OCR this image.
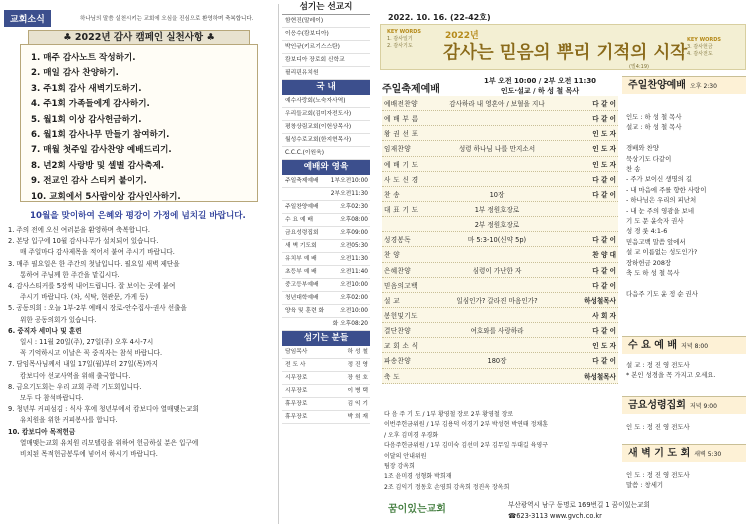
교회소식	하나님의 말씀 실천시키는 교회에 오심을 진심으로 환영하며 축복합니다.
♣ 2022년 감사 캠페인 실천사항 ♣
1. 매주 감사노트 작성하기.
2. 매일 감사 찬양하기.
3. 주1회 감사 새벽기도하기.
4. 주1회 가족들에게 감사하기.
5. 월1회 이상 감사헌금하기.
6. 월1회 감사나무 만들기 참여하기.
7. 매월 첫주일 감사찬양 예배드리기.
8. 년2회 사랑방 및 셀별 감사축제.
9. 전교인 감사 스티커 붙이기.
10. 교회에서 5사람이상 감사인사하기.
10월을 맞이하여 은혜와 평강이 가정에 넘치길 바랍니다.
1. 주의 전에 오신 여러분을 환영하며 축복합니다.
2. 본당 입구에 10월 감사나무가 설치되어 있습니다.
매 주일마다 감사제목을 적어서 붙여 주시기 바랍니다.
3. 매주 필요일은 한 주간의 첫날입니다. 필요일 새벽 제단을
통하여 주님께 한 주간을 맡깁시다.
4. 감사스티커를 5장씩 내어드립니다. 잘 보이는 곳에 붙여
주시기 바랍니다. (차, 식탁, 현관문, 가게 등)
5. 공동의회 : 오늘 1부-2부 예배시 장로-안수집사-권사 선출을
위한 공동의회가 있습니다.
6. 중직자 세미나 및 훈련
일시 : 11월 20일(주), 27일(주) 오후 4시-7시
꼭 기억하시고 이날은 꼭 중직자는 참석 바랍니다.
7. 담임목사님께서 내일 17일(월)부터 27일(목)까지
캄보디아 선교사역을 위해 출국합니다.
8. 금요기도회는 우리 교회 주력 기도회입니다.
모두 다 참석바랍니다.
9. 청년부 커피섬김 : 식사 후에 청년부에서 캄보디아 열매맺는교회
유치원을 위한 커피봉사를 합니다.
10. 캄보디아 목적헌금
열매맺는교회 유치원 리모델링을 위하여 헌금하실 분은 입구에
비치된 목적헌금봉투에 넣어서 하시기 바랍니다.
섬기는 선교지
함현진(말레이)
이응수(캄보디아)
박인규(키르기스스탄)
캄보디아 장로회 신학교
필리핀유치원
국 내
예수사랑회(노숙자사역)
우리들교회(김미자전도사)
평창상림교회(이헌상목사)
월성수로교회(한지현목사)
C.C.C.(이원욱)
예배와 영육
주일축제예배 1부오전10:00
2부오전11:30
주일찬양예배	오후02:30
수 요 예 배	오후08:00
금요성령집회	오후09:00
새 벽 기도회	오전05:30
유치부 예 배	오전11:30
초등부 예 배	오전11:40
중고등부예배	오전10:00
청년대학예배	오후02:00
양육 및 훈련 화	오전10:00
화 오후08:20
섬기는 분들
담임목사	하 성 철
전 도 사	정 진 영
시무장로	장 원 호
시무장로	이 병 택
휴무장로	김 익 기
휴무장로	박 희 재
2022. 10. 16. (22-42호)
KEY WORDS
1. 감사일기
2. 감사기도
2022년
감사는 믿음의 뿌리 기적의 시작
(빌4:19)
KEY WORDS
3. 감사헌금
4. 감사전도
주일축제예배
1부 오전 10:00 / 2부 오전 11:30
인도·설교 / 하 성 철 목사
예배전찬양	감사하라 내 영혼아 / 보혈을 지나	다 같 이
예 배 부 름	다 같 이
왕 권 선 포	인 도 자
임재찬양	성령 하나님 나를 만지소서	인 도 자
예 배 기 도	인 도 자
사 도 신 경	다 같 이
찬 송	10장	다 같 이
대 표 기 도	1부 정원호장로
2부 정원호장로
성경봉독	마 5:3-10(신약 5p)	다 같 이
찬 양	찬 양 대
은혜찬양	심령이 가난한 자	다 같 이
믿음의고백	다 같 이
설 교	일심인가? 갈라진 마음인가?	하성철목사
봉헌및기도	사 회 자
결단찬양	여호와를 사랑하라	다 같 이
교 회 소 식	인 도 자
파송찬양	180장	다 같 이
축 도	하성철목사
다 음 주 기 도 / 1부 황영철 장로 2부 황영철 장로
이번주헌금위원 / 1부 김용덕 이경기 2부 박성현 박연태 정채훈
/ 오후 김미경 우경화
다음주헌금위원 / 1부 김미숙 김선미 2부 김무일 두대길 육영구
이달의 안내위원
팀장 강옥희
1조 윤미경 성형화 박희재
2조 김익기 정동호 손영희 강옥희 정진옥 장옥희
꿈이있는교회	부산광역시 남구 동명로 169번길 1 꿈이있는교회
☎623-3113 www.gvch.co.kr
주일찬양예배 오후 2:30
인도 : 하 성 철 목사
설교 : 하 성 철 목사
경배와 찬양
묵상기도 다같이
찬 송
- 주가 보이신 생명의 길
- 내 마음에 주를 향한 사랑이
- 하나님은 우리의 피난처
- 내 눈 주의 영광을 보네
기 도 문 윤숙자 권사
성 경 룻 4:1-6
믿음고백 말씀 앞에서
설 교 이름없는 성도인가?
장하헌금 208장
축 도 하 성 철 목사
다음주 기도 윤 정 순 권사
수 요 예 배 저녁 8:00
설 교 : 정 진 영 전도사
* 본인 성경을 꼭 가지고 오세요.
금요성령집회 저녁 9:00
인 도 : 정 진 영 전도사
새 벽 기 도 회 새벽 5:30
인 도 : 정 진 영 전도사
말씀 : 창세기
